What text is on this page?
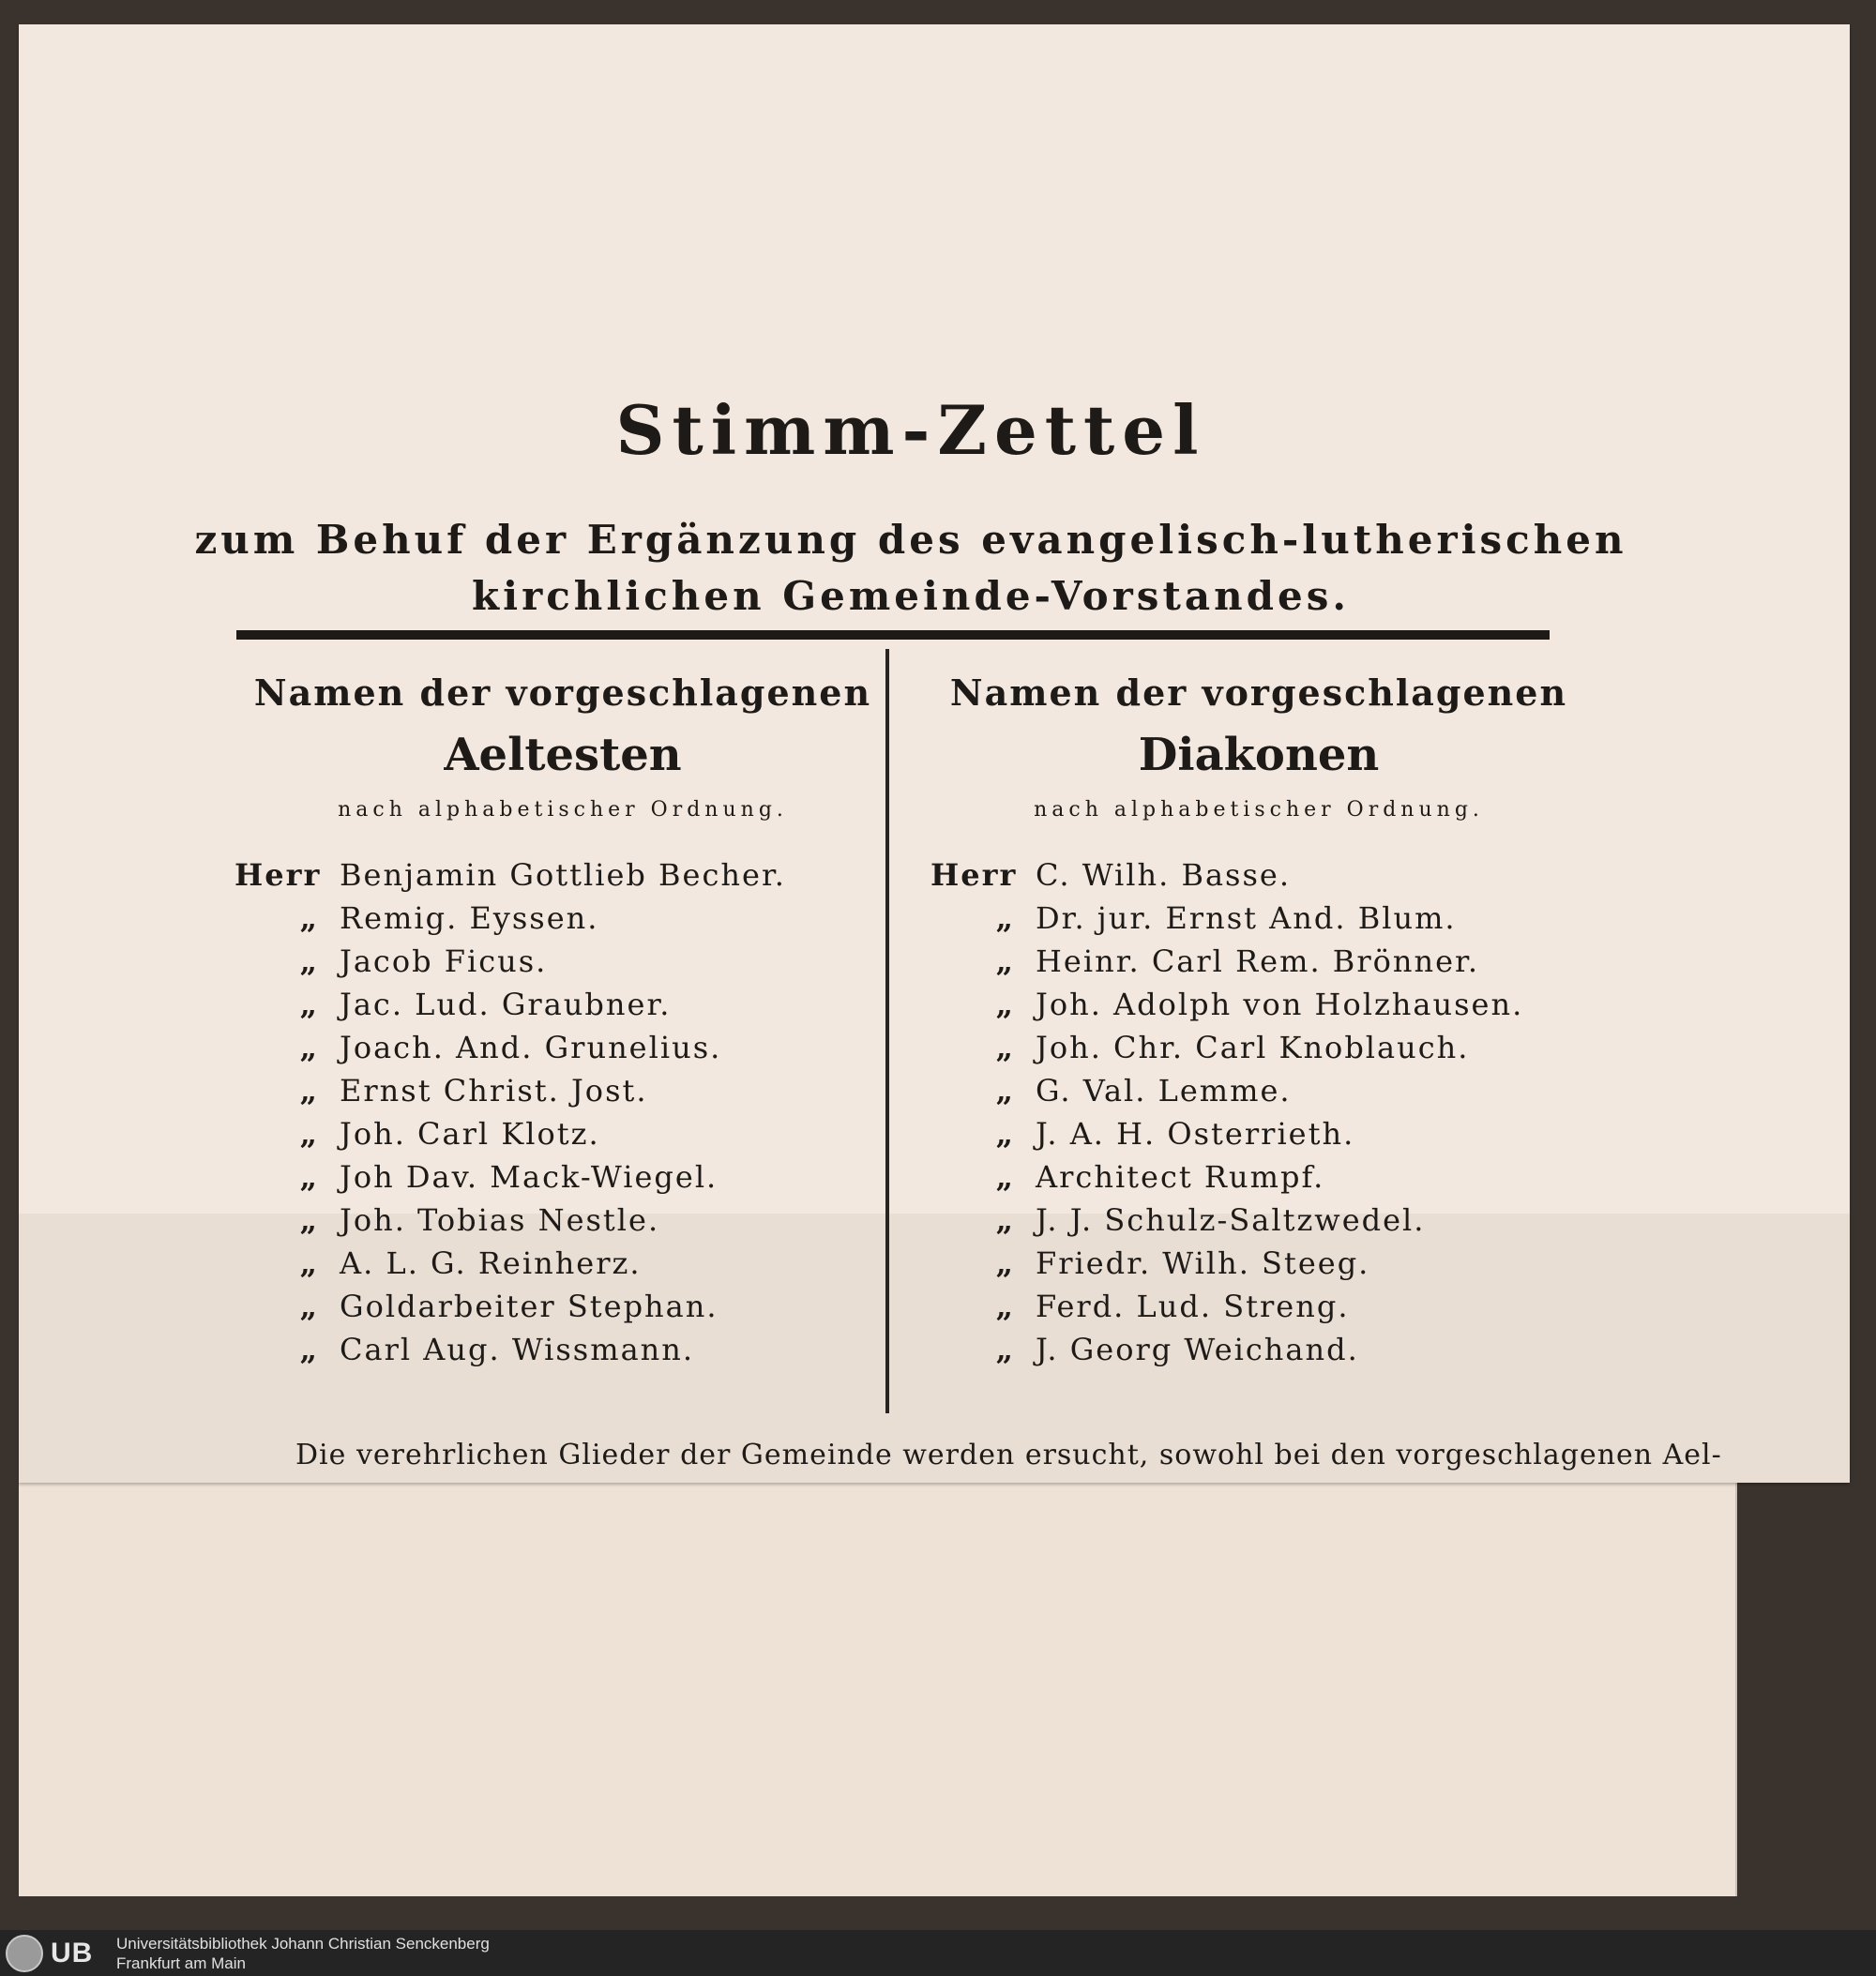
Stimm-Zettel
zum Behuf der Ergänzung des evangelisch-lutherischen
kirchlichen Gemeinde-Vorstandes.
Namen der vorgeschlagenen
Aeltesten
nach alphabetischer Ordnung.
Herr Benjamin Gottlieb Becher.
„ Remig. Eyssen.
„ Jacob Ficus.
„ Jac. Lud. Graubner.
„ Joach. And. Grunelius.
„ Ernst Christ. Jost.
„ Joh. Carl Klotz.
„ Joh Dav. Mack-Wiegel.
„ Joh. Tobias Nestle.
„ A. L. G. Reinherz.
„ Goldarbeiter Stephan.
„ Carl Aug. Wissmann.
Namen der vorgeschlagenen
Diakonen
nach alphabetischer Ordnung.
Herr C. Wilh. Basse.
„ Dr. jur. Ernst And. Blum.
„ Heinr. Carl Rem. Brönner.
„ Joh. Adolph von Holzhausen.
„ Joh. Chr. Carl Knoblauch.
„ G. Val. Lemme.
„ J. A. H. Osterrieth.
„ Architect Rumpf.
„ J. J. Schulz-Saltzwedel.
„ Friedr. Wilh. Steeg.
„ Ferd. Lud. Streng.
„ J. Georg Weichand.
Die verehrlichen Glieder der Gemeinde werden ersucht, sowohl bei den vorgeschlagenen Ael-
UB Universitätsbibliothek Johann Christian Senckenberg
Frankfurt am Main
